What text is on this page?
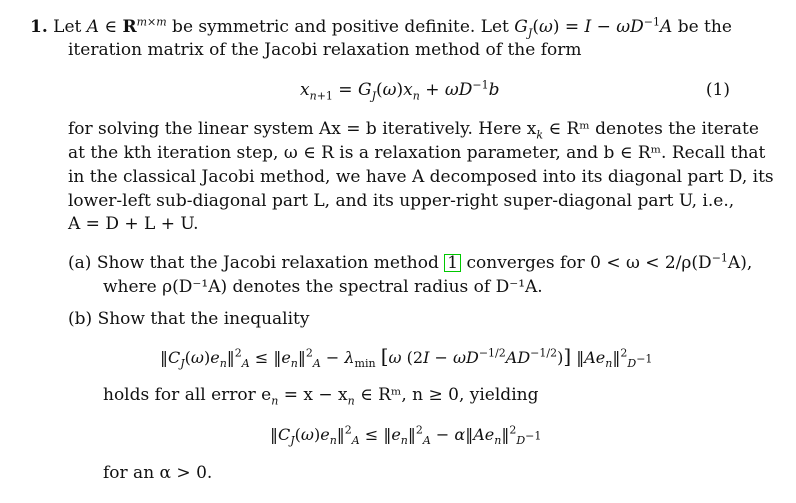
1. Let A ∈ $R^{m\times m}$ be symmetric and positive definite. Let $G_J(\omega) = I - \omega D^{-1}A$ be the
iteration matrix of the Jacobi relaxation method of the form
$x_{n+1} = G_J(\omega)x_n + \omega D^{-1}b$	(1)
for solving the linear system Ax = b iteratively. Here $x_k$ ∈ Rᵐ denotes the iterate
at the kth iteration step, ω ∈ R is a relaxation parameter, and b ∈ Rᵐ. Recall that
in the classical Jacobi method, we have A decomposed into its diagonal part D, its
lower-left sub-diagonal part L, and its upper-right super-diagonal part U, i.e.,
A = D + L + U.
(a) Show that the Jacobi relaxation method 1 converges for $0 < \omega < 2/\rho(D^{-1}A)$,
where ρ(D⁻¹A) denotes the spectral radius of D⁻¹A.
(b) Show that the inequality
$‖C_J(\omega)e_n‖^2_A$ ≤ $‖e_n‖^2_A - \lambda_{min}$ [ω $(2I - \omega D^{-1/2}AD^{-1/2})$] $‖Ae_n‖^2_{D^{-1}}$
holds for all error $e_n = x - x_n$ ∈ Rᵐ, n ≥ 0, yielding
$‖C_J(\omega)e_n‖^2_A$ ≤ $‖e_n‖^2_A$ − $\alpha‖Ae_n‖^2_{D^{-1}}$
for an α > 0.
